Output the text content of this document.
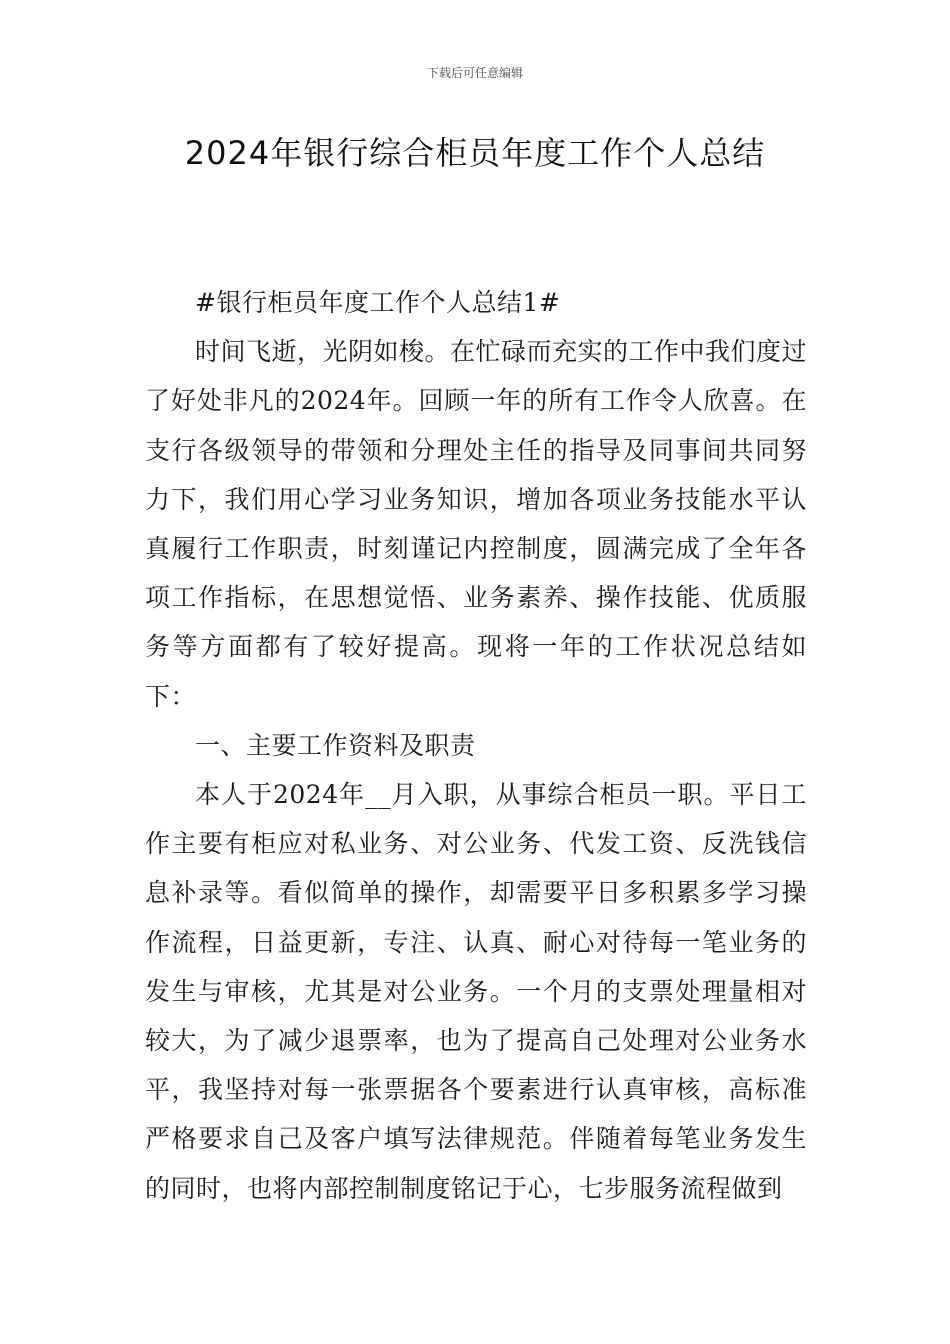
下载后可任意编辑
2024年银行综合柜员年度工作个人总结

#银行柜员年度工作个人总结1#

时间飞逝，光阴如梭。在忙碌而充实的工作中我们度过了好处非凡的2024年。回顾一年的所有工作令人欣喜。在支行各级领导的带领和分理处主任的指导及同事间共同努力下，我们用心学习业务知识，增加各项业务技能水平认真履行工作职责，时刻谨记内控制度，圆满完成了全年各项工作指标，在思想觉悟、业务素养、操作技能、优质服务等方面都有了较好提高。现将一年的工作状况总结如下：

一、主要工作资料及职责

本人于2024年__月入职，从事综合柜员一职。平日工作主要有柜应对私业务、对公业务、代发工资、反洗钱信息补录等。看似简单的操作，却需要平日多积累多学习操作流程，日益更新，专注、认真、耐心对待每一笔业务的发生与审核，尤其是对公业务。一个月的支票处理量相对较大，为了减少退票率，也为了提高自己处理对公业务水平，我坚持对每一张票据各个要素进行认真审核，高标准严格要求自己及客户填写法律规范。伴随着每笔业务发生的同时，也将内部控制制度铭记于心，七步服务流程做到
